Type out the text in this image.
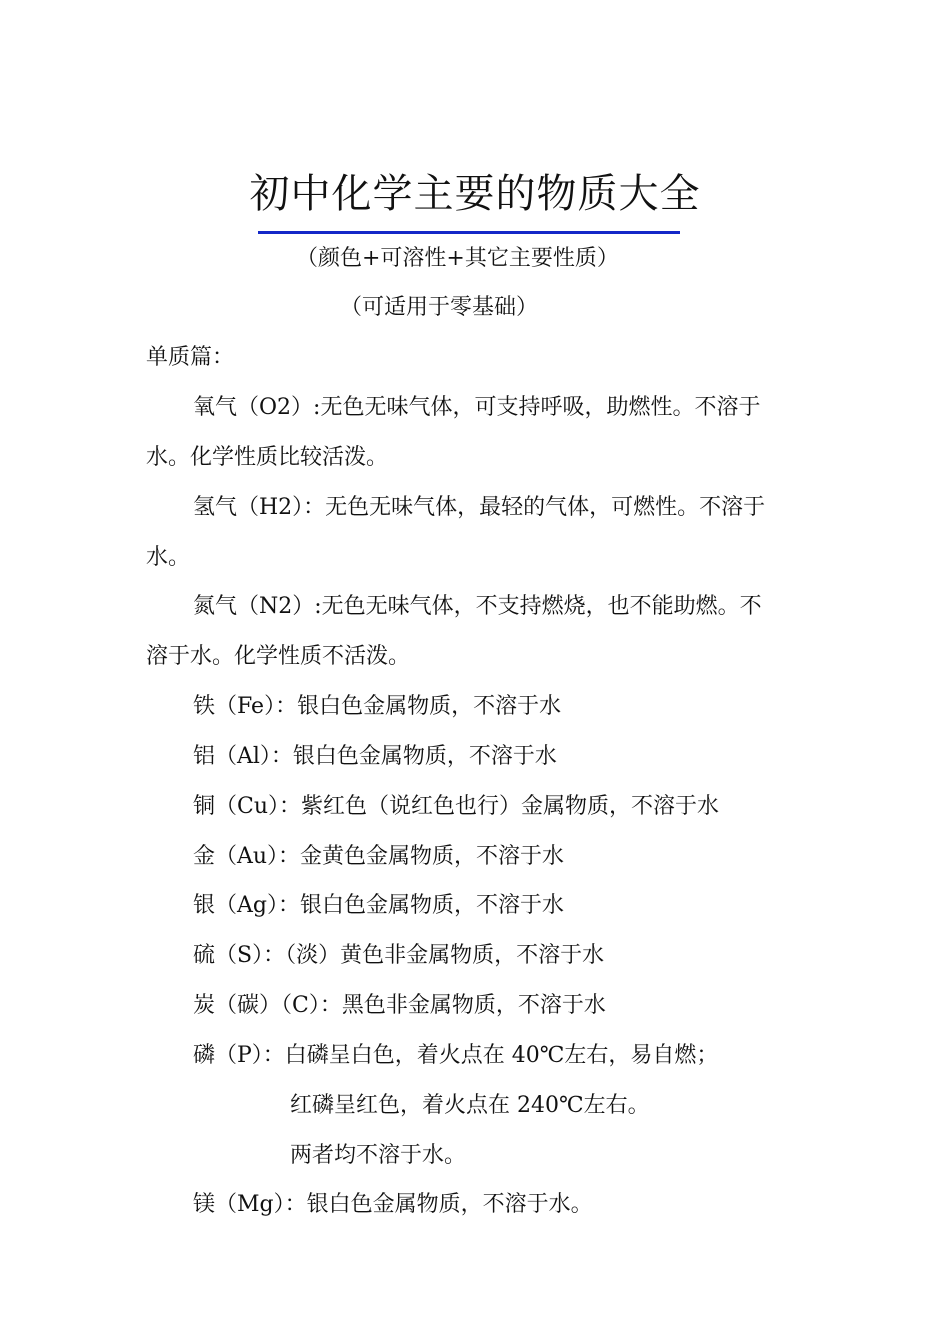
初中化学主要的物质大全
（颜色+可溶性+其它主要性质）
（可适用于零基础）
单质篇：
氧气（O2）:无色无味气体，可支持呼吸，助燃性。不溶于
水。化学性质比较活泼。
氢气（H2）：无色无味气体，最轻的气体，可燃性。不溶于
水。
氮气（N2）:无色无味气体，不支持燃烧，也不能助燃。不
溶于水。化学性质不活泼。
铁（Fe）：银白色金属物质，不溶于水
铝（Al）：银白色金属物质，不溶于水
铜（Cu）：紫红色（说红色也行）金属物质，不溶于水
金（Au）：金黄色金属物质，不溶于水
银（Ag）：银白色金属物质，不溶于水
硫（S）：（淡）黄色非金属物质，不溶于水
炭（碳）（C）：黑色非金属物质，不溶于水
磷（P）：白磷呈白色，着火点在 40℃左右，易自燃；
红磷呈红色，着火点在 240℃左右。
两者均不溶于水。
镁（Mg）：银白色金属物质，不溶于水。
